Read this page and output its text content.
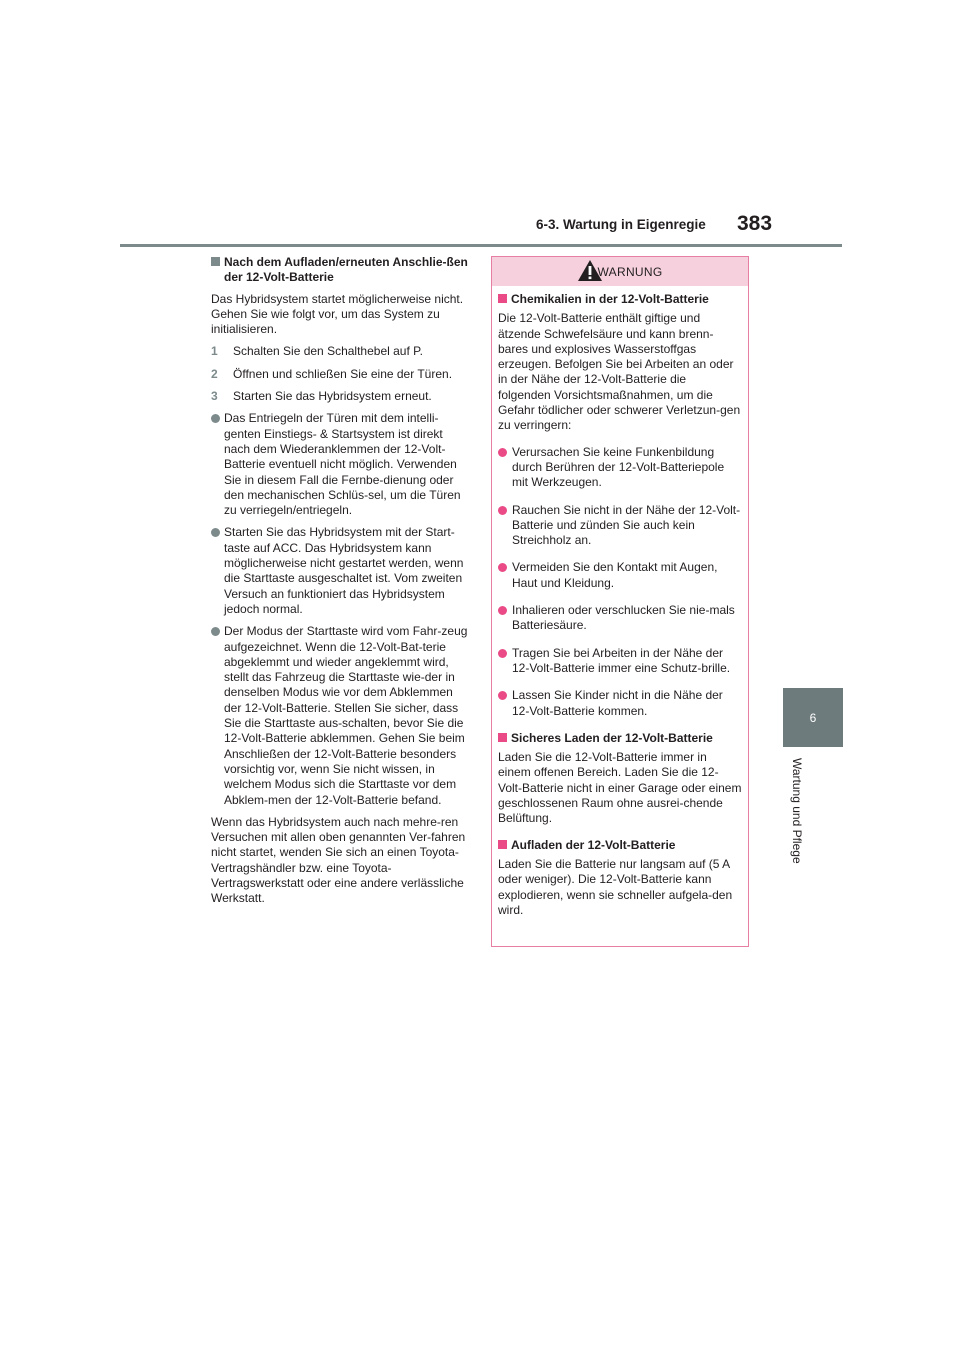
6-3. Wartung in Eigenregie 383
6
Wartung und Pflege
Nach dem Aufladen/erneuten Anschlie-ßen der 12-Volt-Batterie
Das Hybridsystem startet möglicherweise nicht. Gehen Sie wie folgt vor, um das System zu initialisieren.
1 Schalten Sie den Schalthebel auf P.
2 Öffnen und schließen Sie eine der Türen.
3 Starten Sie das Hybridsystem erneut.
Das Entriegeln der Türen mit dem intelli-genten Einstiegs- & Startsystem ist direkt nach dem Wiederanklemmen der 12-Volt-Batterie eventuell nicht möglich. Verwenden Sie in diesem Fall die Fernbe-dienung oder den mechanischen Schlüs-sel, um die Türen zu verriegeln/entriegeln.
Starten Sie das Hybridsystem mit der Start-taste auf ACC. Das Hybridsystem kann möglicherweise nicht gestartet werden, wenn die Starttaste ausgeschaltet ist. Vom zweiten Versuch an funktioniert das Hybridsystem jedoch normal.
Der Modus der Starttaste wird vom Fahr-zeug aufgezeichnet. Wenn die 12-Volt-Bat-terie abgeklemmt und wieder angeklemmt wird, stellt das Fahrzeug die Starttaste wie-der in denselben Modus wie vor dem Abklemmen der 12-Volt-Batterie. Stellen Sie sicher, dass Sie die Starttaste aus-schalten, bevor Sie die 12-Volt-Batterie abklemmen. Gehen Sie beim Anschließen der 12-Volt-Batterie besonders vorsichtig vor, wenn Sie nicht wissen, in welchem Modus sich die Starttaste vor dem Abklem-men der 12-Volt-Batterie befand.
Wenn das Hybridsystem auch nach mehre-ren Versuchen mit allen oben genannten Ver-fahren nicht startet, wenden Sie sich an einen Toyota-Vertragshändler bzw. eine Toyota-Vertragswerkstatt oder eine andere verlässliche Werkstatt.
WARNUNG
Chemikalien in der 12-Volt-Batterie
Die 12-Volt-Batterie enthält giftige und ätzende Schwefelsäure und kann brenn-bares und explosives Wasserstoffgas erzeugen. Befolgen Sie bei Arbeiten an oder in der Nähe der 12-Volt-Batterie die folgenden Vorsichtsmaßnahmen, um die Gefahr tödlicher oder schwerer Verletzun-gen zu verringern:
Verursachen Sie keine Funkenbildung durch Berühren der 12-Volt-Batteriepole mit Werkzeugen.
Rauchen Sie nicht in der Nähe der 12-Volt-Batterie und zünden Sie auch kein Streichholz an.
Vermeiden Sie den Kontakt mit Augen, Haut und Kleidung.
Inhalieren oder verschlucken Sie nie-mals Batteriesäure.
Tragen Sie bei Arbeiten in der Nähe der 12-Volt-Batterie immer eine Schutz-brille.
Lassen Sie Kinder nicht in die Nähe der 12-Volt-Batterie kommen.
Sicheres Laden der 12-Volt-Batterie
Laden Sie die 12-Volt-Batterie immer in einem offenen Bereich. Laden Sie die 12-Volt-Batterie nicht in einer Garage oder einem geschlossenen Raum ohne ausrei-chende Belüftung.
Aufladen der 12-Volt-Batterie
Laden Sie die Batterie nur langsam auf (5 A oder weniger). Die 12-Volt-Batterie kann explodieren, wenn sie schneller aufgela-den wird.
